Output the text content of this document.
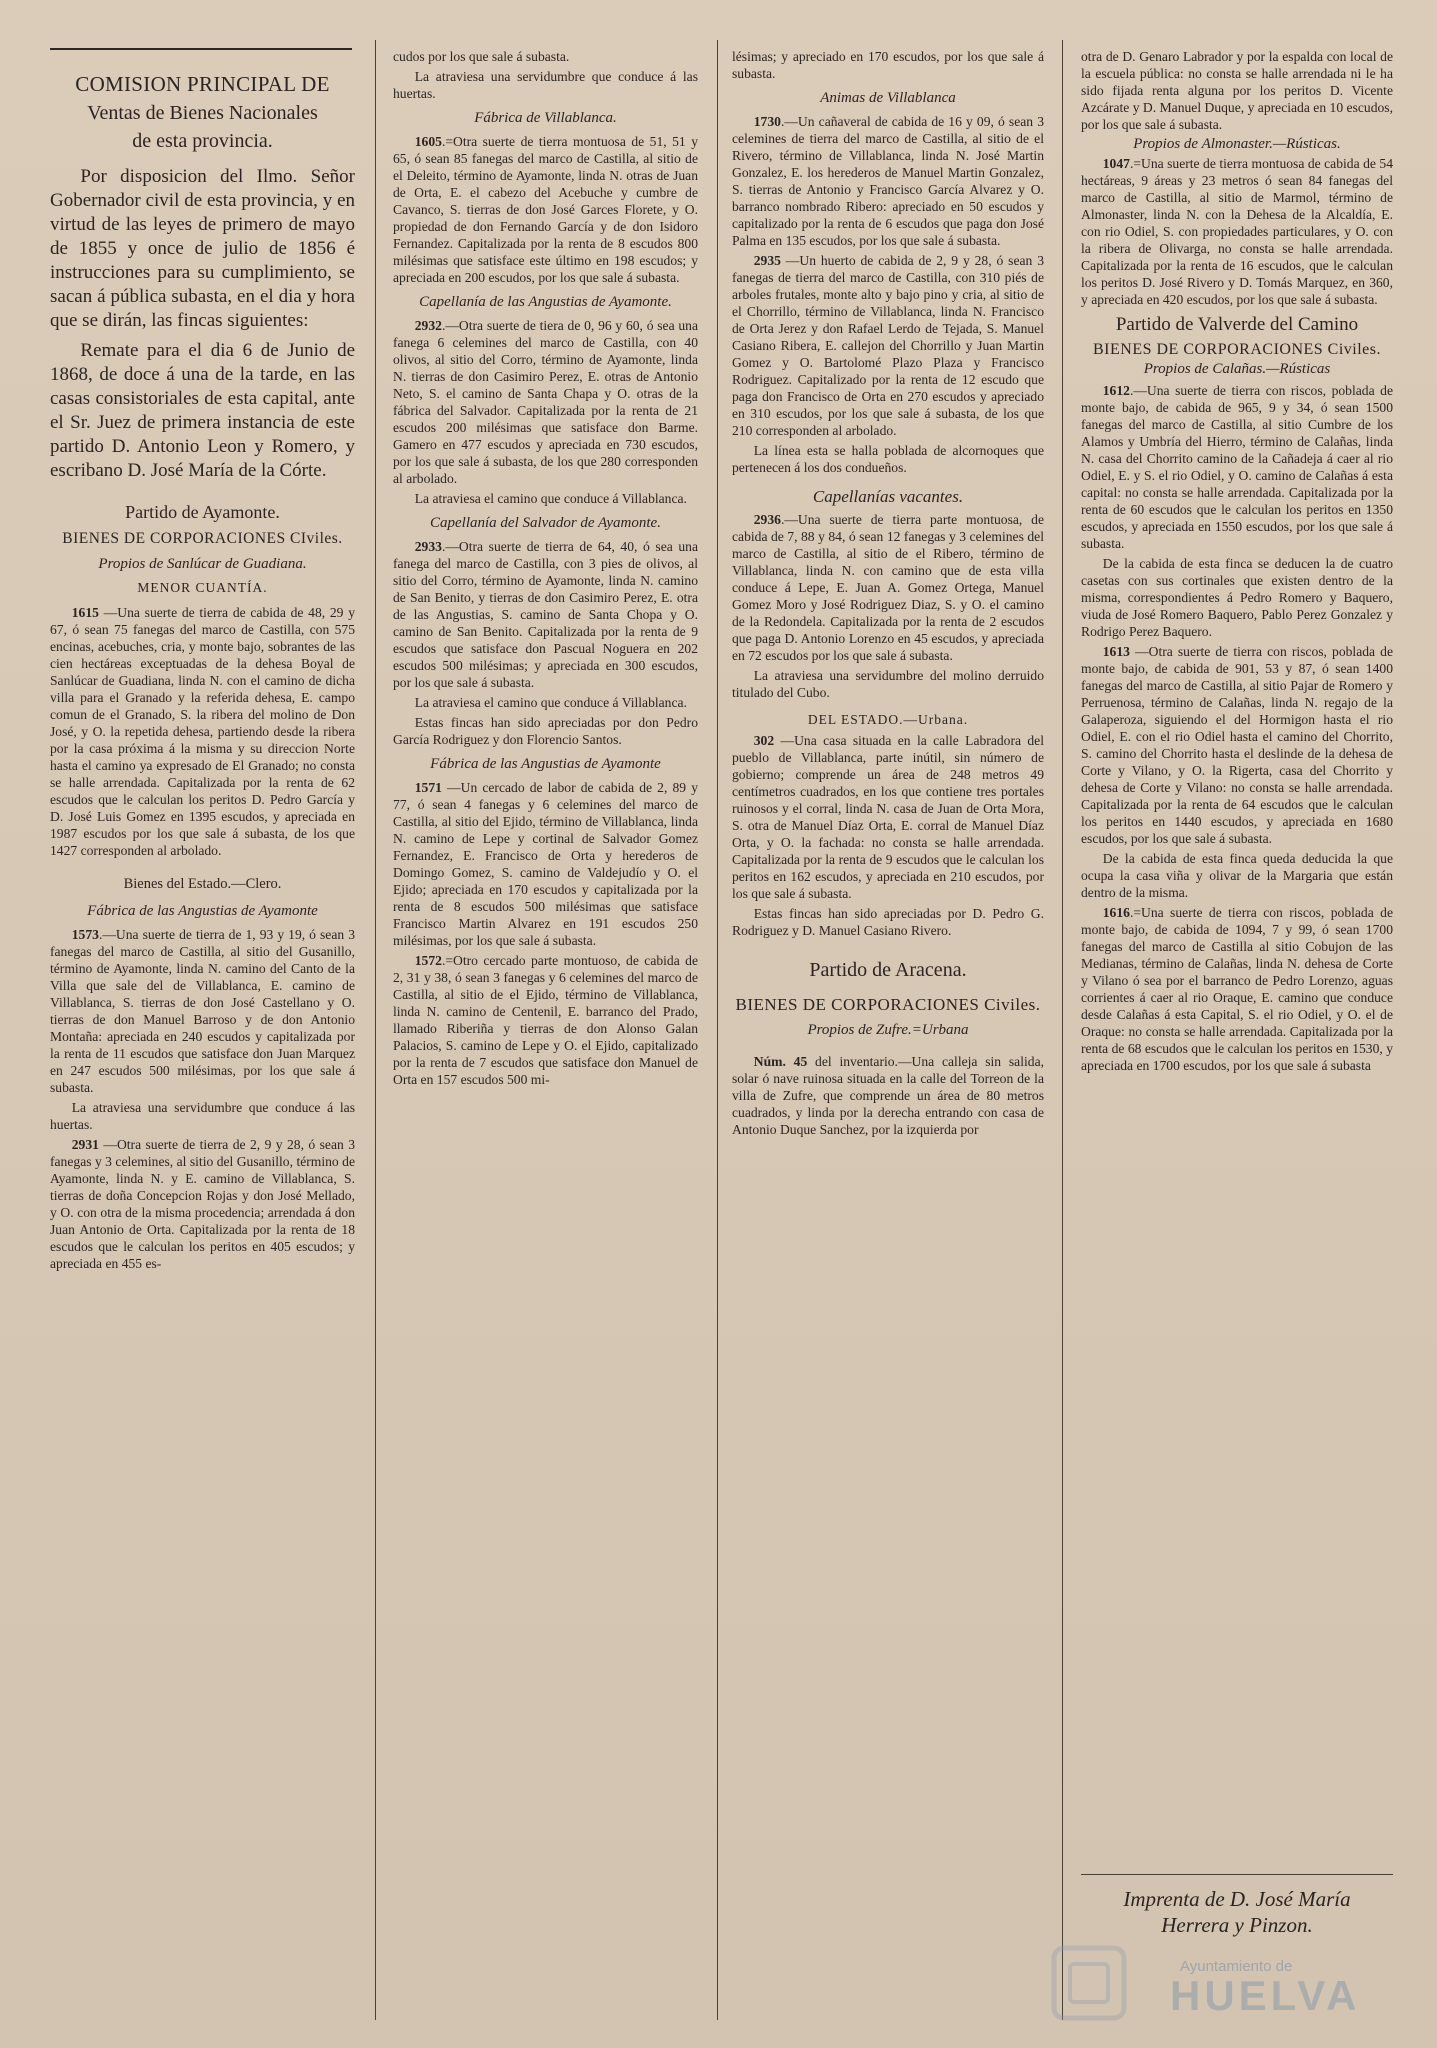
COMISION PRINCIPAL DE
Ventas de Bienes Nacionales
de esta provincia.

Por disposicion del Ilmo. Señor Gobernador civil de esta provincia, y en virtud de las leyes de primero de mayo de 1855 y once de julio de 1856 é instrucciones para su cumplimiento, se sacan á pública subasta, en el dia y hora que se dirán, las fincas siguientes:

Remate para el dia 6 de Junio de 1868, de doce á una de la tarde, en las casas consistoriales de esta capital, ante el Sr. Juez de primera instancia de este partido D. Antonio Leon y Romero, y escribano D. José María de la Córte.

Partido de Ayamonte.
BIENES DE CORPORACIONES CIviles.
Propios de Sanlúcar de Guadiana.
MENOR CUANTÍA.

1615 —Una suerte de tierra de cabida de 48, 29 y 67, ó sean 75 fanegas del marco de Castilla, con 575 encinas, acebuches, cria, y monte bajo, sobrantes de las cien hectáreas exceptuadas de la dehesa Boyal de Sanlúcar de Guadiana, linda N. con el camino de dicha villa para el Granado y la referida dehesa, E. campo comun de el Granado, S. la ribera del molino de Don José, y O. la repetida dehesa, partiendo desde la ribera por la casa próxima á la misma y su direccion Norte hasta el camino ya expresado de El Granado; no consta se halle arrendada. Capitalizada por la renta de 62 escudos que le calculan los peritos D. Pedro García y D. José Luis Gomez en 1395 escudos, y apreciada en 1987 escudos por los que sale á subasta, de los que 1427 corresponden al arbolado.

Bienes del Estado.—Clero.
Fábrica de las Angustias de Ayamonte

1573.—Una suerte de tierra de 1, 93 y 19, ó sean 3 fanegas del marco de Castilla, al sitio del Gusanillo, término de Ayamonte, linda N. camino del Canto de la Villa que sale del de Villablanca, E. camino de Villablanca, S. tierras de don José Castellano y O. tierras de don Manuel Barroso y de don Antonio Montaña: apreciada en 240 escudos y capitalizada por la renta de 11 escudos que satisface don Juan Marquez en 247 escudos 500 milésimas, por los que sale á subasta.

La atraviesa una servidumbre que conduce á las huertas.

2931 —Otra suerte de tierra de 2, 9 y 28, ó sean 3 fanegas y 3 celemines, al sitio del Gusanillo, término de Ayamonte, linda N. y E. camino de Villablanca, S. tierras de doña Concepcion Rojas y don José Mellado, y O. con otra de la misma procedencia; arrendada á don Juan Antonio de Orta. Capitalizada por la renta de 18 escudos que le calculan los peritos en 405 escudos; y apreciada en 455 es-

cudos por los que sale á subasta.

La atraviesa una servidumbre que conduce á las huertas.

Fábrica de Villablanca.

1605.=Otra suerte de tierra montuosa de 51, 51 y 65, ó sean 85 fanegas del marco de Castilla, al sitio de el Deleito, término de Ayamonte, linda N. otras de Juan de Orta, E. el cabezo del Acebuche y cumbre de Cavanco, S. tierras de don José Garces Florete, y O. propiedad de don Fernando García y de don Isidoro Fernandez. Capitalizada por la renta de 8 escudos 800 milésimas que satisface este último en 198 escudos; y apreciada en 200 escudos, por los que sale á subasta.

Capellanía de las Angustias de Ayamonte.

2932.—Otra suerte de tiera de 0, 96 y 60, ó sea una fanega 6 celemines del marco de Castilla, con 40 olivos, al sitio del Corro, término de Ayamonte, linda N. tierras de don Casimiro Perez, E. otras de Antonio Neto, S. el camino de Santa Chapa y O. otras de la fábrica del Salvador. Capitalizada por la renta de 21 escudos 200 milésimas que satisface don Barme. Gamero en 477 escudos y apreciada en 730 escudos, por los que sale á subasta, de los que 280 corresponden al arbolado.

La atraviesa el camino que conduce á Villablanca.

Capellanía del Salvador de Ayamonte.

2933.—Otra suerte de tierra de 64, 40, ó sea una fanega del marco de Castilla, con 3 pies de olivos, al sitio del Corro, término de Ayamonte, linda N. camino de San Benito, y tierras de don Casimiro Perez, E. otra de las Angustias, S. camino de Santa Chopa y O. camino de San Benito. Capitalizada por la renta de 9 escudos que satisface don Pascual Noguera en 202 escudos 500 milésimas; y apreciada en 300 escudos, por los que sale á subasta.

La atraviesa el camino que conduce á Villablanca.

Estas fincas han sido apreciadas por don Pedro García Rodriguez y don Florencio Santos.

Fábrica de las Angustias de Ayamonte

1571 —Un cercado de labor de cabida de 2, 89 y 77, ó sean 4 fanegas y 6 celemines del marco de Castilla, al sitio del Ejido, término de Villablanca, linda N. camino de Lepe y cortinal de Salvador Gomez Fernandez, E. Francisco de Orta y herederos de Domingo Gomez, S. camino de Valdejudío y O. el Ejido; apreciada en 170 escudos y capitalizada por la renta de 8 escudos 500 milésimas que satisface Francisco Martin Alvarez en 191 escudos 250 milésimas, por los que sale á subasta.

1572.=Otro cercado parte montuoso, de cabida de 2, 31 y 38, ó sean 3 fanegas y 6 celemines del marco de Castilla, al sitio de el Ejido, término de Villablanca, linda N. camino de Centenil, E. barranco del Prado, llamado Riberiña y tierras de don Alonso Galan Palacios, S. camino de Lepe y O. el Ejido, capitalizado por la renta de 7 escudos que satisface don Manuel de Orta en 157 escudos 500 mi-

lésimas; y apreciado en 170 escudos, por los que sale á subasta.

Animas de Villablanca

1730.—Un cañaveral de cabida de 16 y 09, ó sean 3 celemines de tierra del marco de Castilla, al sitio de el Rivero, término de Villablanca, linda N. José Martin Gonzalez, E. los herederos de Manuel Martin Gonzalez, S. tierras de Antonio y Francisco García Alvarez y O. barranco nombrado Ribero: apreciado en 50 escudos y capitalizado por la renta de 6 escudos que paga don José Palma en 135 escudos, por los que sale á subasta.

2935 —Un huerto de cabida de 2, 9 y 28, ó sean 3 fanegas de tierra del marco de Castilla, con 310 piés de arboles frutales, monte alto y bajo pino y cria, al sitio de el Chorrillo, término de Villablanca, linda N. Francisco de Orta Jerez y don Rafael Lerdo de Tejada, S. Manuel Casiano Ribera, E. callejon del Chorrillo y Juan Martin Gomez y O. Bartolomé Plazo Plaza y Francisco Rodriguez. Capitalizado por la renta de 12 escudo que paga don Francisco de Orta en 270 escudos y apreciado en 310 escudos, por los que sale á subasta, de los que 210 corresponden al arbolado.

La línea esta se halla poblada de alcornoques que pertenecen á los dos condueños.

Capellanías vacantes.

2936.—Una suerte de tierra parte montuosa, de cabida de 7, 88 y 84, ó sean 12 fanegas y 3 celemines del marco de Castilla, al sitio de el Ribero, término de Villablanca, linda N. con camino que de esta villa conduce á Lepe, E. Juan A. Gomez Ortega, Manuel Gomez Moro y José Rodriguez Diaz, S. y O. el camino de la Redondela. Capitalizada por la renta de 2 escudos que paga D. Antonio Lorenzo en 45 escudos, y apreciada en 72 escudos por los que sale á subasta.

La atraviesa una servidumbre del molino derruido titulado del Cubo.

DEL ESTADO.—Urbana.

302 —Una casa situada en la calle Labradora del pueblo de Villablanca, parte inútil, sin número de gobierno; comprende un área de 248 metros 49 centímetros cuadrados, en los que contiene tres portales ruinosos y el corral, linda N. casa de Juan de Orta Mora, S. otra de Manuel Díaz Orta, E. corral de Manuel Díaz Orta, y O. la fachada: no consta se halle arrendada. Capitalizada por la renta de 9 escudos que le calculan los peritos en 162 escudos, y apreciada en 210 escudos, por los que sale á subasta.

Estas fincas han sido apreciadas por D. Pedro G. Rodriguez y D. Manuel Casiano Rivero.

Partido de Aracena.
BIENES DE CORPORACIONES Civiles.
Propios de Zufre.=Urbana

Núm. 45 del inventario.—Una calleja sin salida, solar ó nave ruinosa situada en la calle del Torreon de la villa de Zufre, que comprende un área de 80 metros cuadrados, y linda por la derecha entrando con casa de Antonio Duque Sanchez, por la izquierda por

otra de D. Genaro Labrador y por la espalda con local de la escuela pública: no consta se halle arrendada ni le ha sido fijada renta alguna por los peritos D. Vicente Azcárate y D. Manuel Duque, y apreciada en 10 escudos, por los que sale á subasta.

Propios de Almonaster.—Rústicas.

1047.=Una suerte de tierra montuosa de cabida de 54 hectáreas, 9 áreas y 23 metros ó sean 84 fanegas del marco de Castilla, al sitio de Marmol, término de Almonaster, linda N. con la Dehesa de la Alcaldía, E. con rio Odiel, S. con propiedades particulares, y O. con la ribera de Olivarga, no consta se halle arrendada. Capitalizada por la renta de 16 escudos, que le calculan los peritos D. José Rivero y D. Tomás Marquez, en 360, y apreciada en 420 escudos, por los que sale á subasta.

Partido de Valverde del Camino
BIENES DE CORPORACIONES Civiles.
Propios de Calañas.—Rústicas

1612.—Una suerte de tierra con riscos, poblada de monte bajo, de cabida de 965, 9 y 34, ó sean 1500 fanegas del marco de Castilla, al sitio Cumbre de los Alamos y Umbría del Hierro, término de Calañas, linda N. casa del Chorrito camino de la Cañadeja á caer al rio Odiel, E. y S. el rio Odiel, y O. camino de Calañas á esta capital: no consta se halle arrendada. Capitalizada por la renta de 60 escudos que le calculan los peritos en 1350 escudos, y apreciada en 1550 escudos, por los que sale á subasta.

De la cabida de esta finca se deducen la de cuatro casetas con sus cortinales que existen dentro de la misma, correspondientes á Pedro Romero y Baquero, viuda de José Romero Baquero, Pablo Perez Gonzalez y Rodrigo Perez Baquero.

1613 —Otra suerte de tierra con riscos, poblada de monte bajo, de cabida de 901, 53 y 87, ó sean 1400 fanegas del marco de Castilla, al sitio Pajar de Romero y Perruenosa, término de Calañas, linda N. regajo de la Galaperoza, siguiendo el del Hormigon hasta el rio Odiel, E. con el rio Odiel hasta el camino del Chorrito, S. camino del Chorrito hasta el deslinde de la dehesa de Corte y Vilano, y O. la Rigerta, casa del Chorrito y dehesa de Corte y Vilano: no consta se halle arrendada. Capitalizada por la renta de 64 escudos que le calculan los peritos en 1440 escudos, y apreciada en 1680 escudos, por los que sale á subasta.

De la cabida de esta finca queda deducida la que ocupa la casa viña y olivar de la Margaria que están dentro de la misma.

1616.=Una suerte de tierra con riscos, poblada de monte bajo, de cabida de 1094, 7 y 99, ó sean 1700 fanegas del marco de Castilla al sitio Cobujon de las Medianas, término de Calañas, linda N. dehesa de Corte y Vilano ó sea por el barranco de Pedro Lorenzo, aguas corrientes á caer al rio Oraque, E. camino que conduce desde Calañas á esta Capital, S. el rio Odiel, y O. el de Oraque: no consta se halle arrendada. Capitalizada por la renta de 68 escudos que le calculan los peritos en 1530, y apreciada en 1700 escudos, por los que sale á subasta

Imprenta de D. José María
Herrera y Pinzon.
Ayuntamiento de
HUELVA
